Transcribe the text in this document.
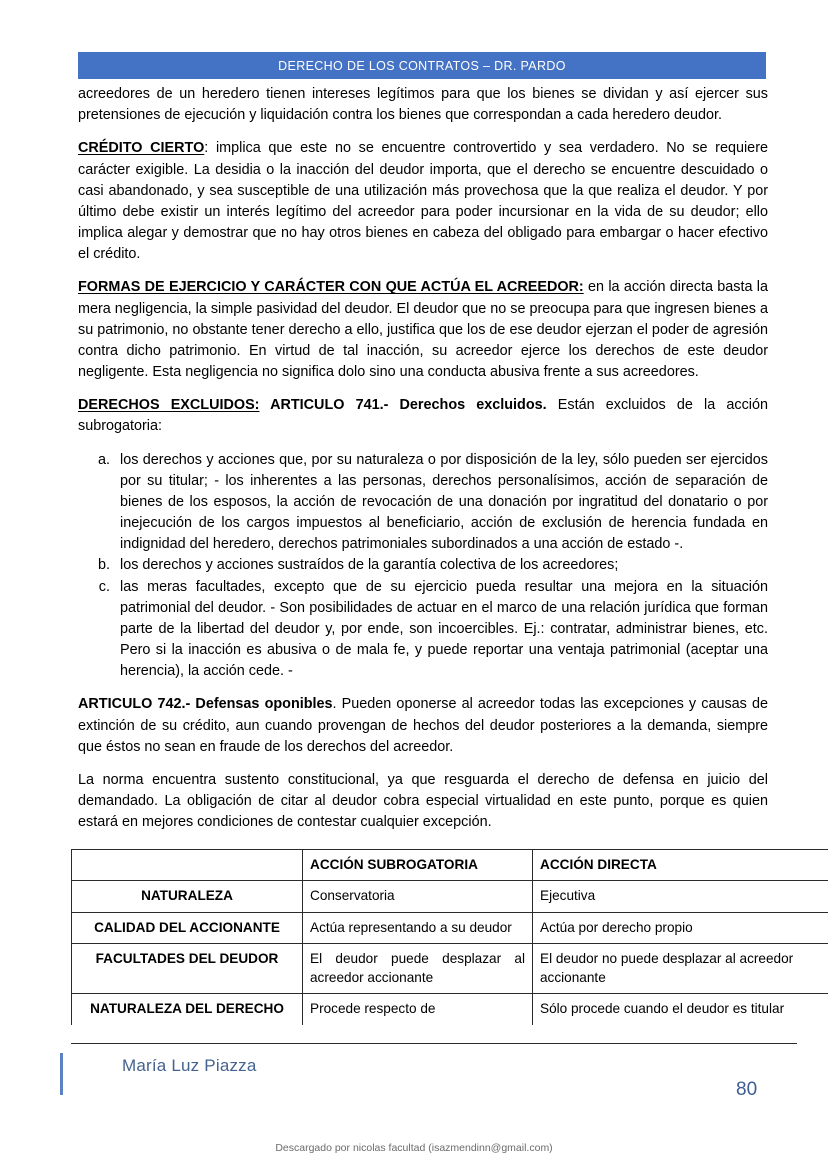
DERECHO DE LOS CONTRATOS – DR. PARDO

acreedores de un heredero tienen intereses legítimos para que los bienes se dividan y así ejercer sus pretensiones de ejecución y liquidación contra los bienes que correspondan a cada heredero deudor.

CRÉDITO CIERTO: implica que este no se encuentre controvertido y sea verdadero. No se requiere carácter exigible. La desidia o la inacción del deudor importa, que el derecho se encuentre descuidado o casi abandonado, y sea susceptible de una utilización más provechosa que la que realiza el deudor. Y por último debe existir un interés legítimo del acreedor para poder incursionar en la vida de su deudor; ello implica alegar y demostrar que no hay otros bienes en cabeza del obligado para embargar o hacer efectivo el crédito.

FORMAS DE EJERCICIO Y CARÁCTER CON QUE ACTÚA EL ACREEDOR: en la acción directa basta la mera negligencia, la simple pasividad del deudor. El deudor que no se preocupa para que ingresen bienes a su patrimonio, no obstante tener derecho a ello, justifica que los de ese deudor ejerzan el poder de agresión contra dicho patrimonio. En virtud de tal inacción, su acreedor ejerce los derechos de este deudor negligente. Esta negligencia no significa dolo sino una conducta abusiva frente a sus acreedores.

DERECHOS EXCLUIDOS: ARTICULO 741.- Derechos excluidos. Están excluidos de la acción subrogatoria:

a. los derechos y acciones que, por su naturaleza o por disposición de la ley, sólo pueden ser ejercidos por su titular; - los inherentes a las personas, derechos personalísimos, acción de separación de bienes de los esposos, la acción de revocación de una donación por ingratitud del donatario o por inejecución de los cargos impuestos al beneficiario, acción de exclusión de herencia fundada en indignidad del heredero, derechos patrimoniales subordinados a una acción de estado -.
b. los derechos y acciones sustraídos de la garantía colectiva de los acreedores;
c. las meras facultades, excepto que de su ejercicio pueda resultar una mejora en la situación patrimonial del deudor. - Son posibilidades de actuar en el marco de una relación jurídica que forman parte de la libertad del deudor y, por ende, son incoercibles. Ej.: contratar, administrar bienes, etc. Pero si la inacción es abusiva o de mala fe, y puede reportar una ventaja patrimonial (aceptar una herencia), la acción cede. -

ARTICULO 742.- Defensas oponibles. Pueden oponerse al acreedor todas las excepciones y causas de extinción de su crédito, aun cuando provengan de hechos del deudor posteriores a la demanda, siempre que éstos no sean en fraude de los derechos del acreedor.

La norma encuentra sustento constitucional, ya que resguarda el derecho de defensa en juicio del demandado. La obligación de citar al deudor cobra especial virtualidad en este punto, porque es quien estará en mejores condiciones de contestar cualquier excepción.

	ACCIÓN SUBROGATORIA	ACCIÓN DIRECTA
NATURALEZA	Conservatoria	Ejecutiva
CALIDAD DEL ACCIONANTE	Actúa representando a su deudor	Actúa por derecho propio
FACULTADES DEL DEUDOR	El deudor puede desplazar al acreedor accionante	El deudor no puede desplazar al acreedor accionante
NATURALEZA DEL DERECHO	Procede respecto de	Sólo procede cuando el deudor es titular
María Luz Piazza
80
Descargado por nicolas facultad (isazmendinn@gmail.com)
